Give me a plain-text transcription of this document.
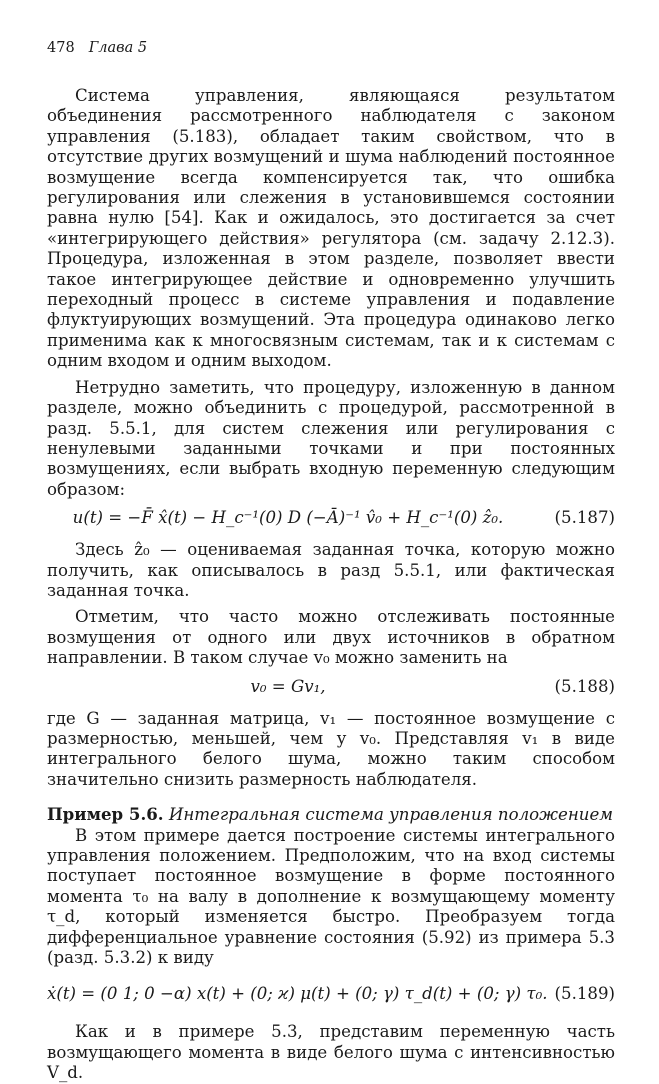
478 Глава 5

Система управления, являющаяся результатом объединения рассмотренного наблюдателя с законом управления (5.183), обладает таким свойством, что в отсутствие других возмущений и шума наблюдений постоянное возмущение всегда компенсируется так, что ошибка регулирования или слежения в установившемся состоянии равна нулю [54]. Как и ожидалось, это достигается за счет «интегрирующего действия» регулятора (см. задачу 2.12.3). Процедура, изложенная в этом разделе, позволяет ввести такое интегрирующее действие и одновременно улучшить переходный процесс в системе управления и подавление флуктуирующих возмущений. Эта процедура одинаково легко применима как к многосвязным системам, так и к системам с одним входом и одним выходом.

Нетрудно заметить, что процедуру, изложенную в данном разделе, можно объединить с процедурой, рассмотренной в разд. 5.5.1, для систем слежения или регулирования с ненулевыми заданными точками и при постоянных возмущениях, если выбрать входную переменную следующим образом:

u(t) = −F̄ x̂(t) − H_c⁻¹(0) D (−Ā)⁻¹ v̂₀ + H_c⁻¹(0) ẑ₀.	(5.187)

Здесь ẑ₀ — оцениваемая заданная точка, которую можно получить, как описывалось в разд 5.5.1, или фактическая заданная точка.

Отметим, что часто можно отслеживать постоянные возмущения от одного или двух источников в обратном направлении. В таком случае v₀ можно заменить на

v₀ = Gv₁,	(5.188)

где G — заданная матрица, v₁ — постоянное возмущение с размерностью, меньшей, чем у v₀. Представляя v₁ в виде интегрального белого шума, можно таким способом значительно снизить размерность наблюдателя.

Пример 5.6. Интегральная система управления положением

В этом примере дается построение системы интегрального управления положением. Предположим, что на вход системы поступает постоянное возмущение в форме постоянного момента τ₀ на валу в дополнение к возмущающему моменту τ_d, который изменяется быстро. Преобразуем тогда дифференциальное уравнение состояния (5.92) из примера 5.3 (разд. 5.3.2) к виду

ẋ(t) = (0 1; 0 −α) x(t) + (0; ϰ) μ(t) + (0; γ) τ_d(t) + (0; γ) τ₀. (5.189)

Как и в примере 5.3, представим переменную часть возмущающего момента в виде белого шума с интенсивностью V_d.
